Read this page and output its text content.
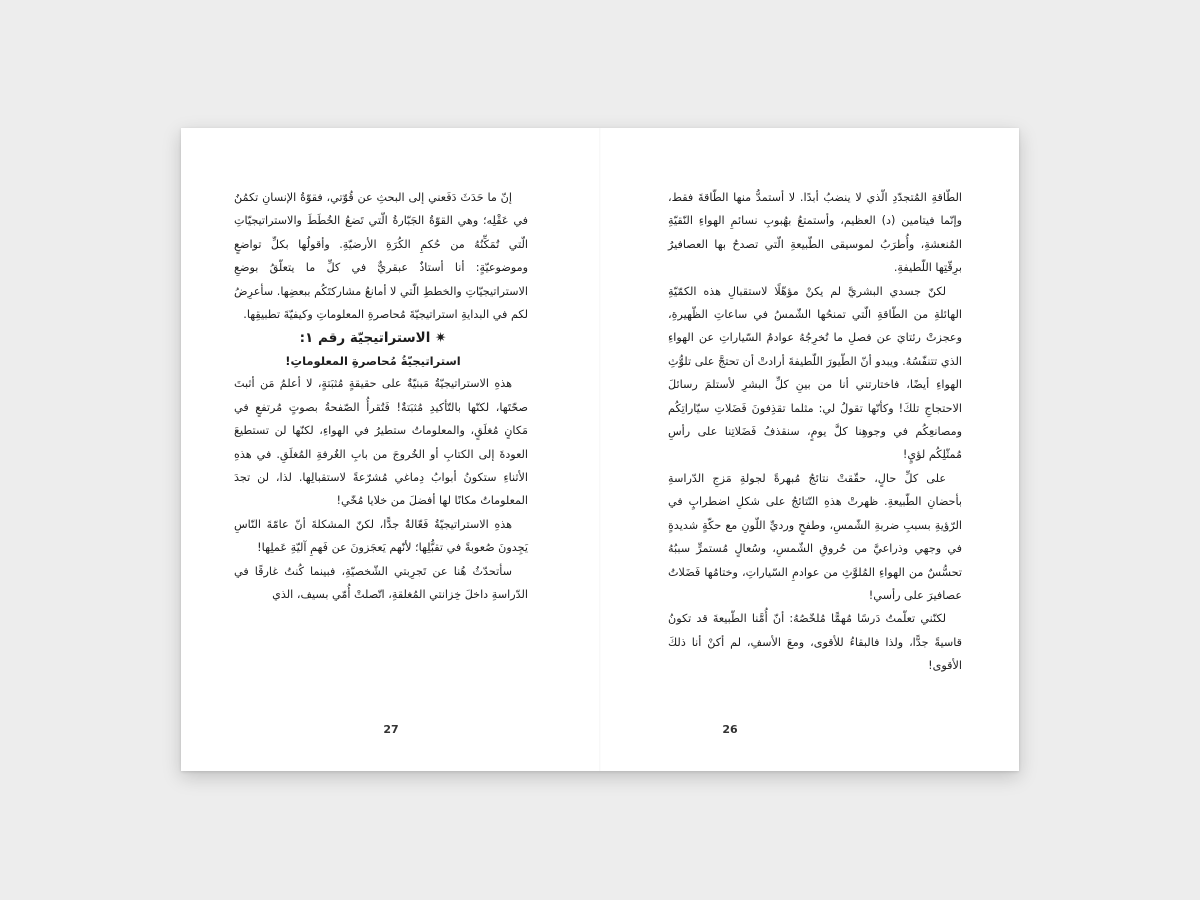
إنّ ما حَدَثَ دَفَعني إلى البحثِ عن قُوّتي، فقوّةُ الإنسانِ تكمُنُ في عَقْلِه؛ وهي القوّةُ الجَبّارةُ الّتي تَضعُ الخُطَطَ والاستراتيجيّاتِ الّتي تُمَكِّنُهُ من حُكمِ الكُرَةِ الأرضيّةِ. وأقولُها بكلِّ تواضعٍ وموضوعيّةٍ: أنا أستاذٌ عبقريٌّ في كلِّ ما يتعلّقُ بوضعِ الاستراتيجيّاتِ والخططِ الّتي لا أمانعُ مشاركتَكُم ببعضِها. سأعرِضُ لكم في البدايةِ استراتيجيّةَ مُحاصرةِ المعلوماتِ وكيفيّةَ تطبيقِها.

✷ الاستراتيجيّة رقم ١:

استراتيجيّةُ مُحاصرةِ المعلوماتِ!

هذهِ الاستراتيجيّةُ مَبنيّةٌ على حقيقةٍ مُثبَتةٍ، لا أعلمُ مَن أثبتَ صحّتَها، لكنّها بالتّأكيدِ مُثبَتةٌ! فَتُقرأُ الصّفحةُ بصوتٍ مُرتفعٍ في مَكانٍ مُغلَقٍ، والمعلوماتُ ستطيرُ في الهواءِ، لكنّها لن تستطيعَ العودةَ إلى الكتابِ أو الخُروجَ من بابِ الغُرفةِ المُغلَقِ. في هذهِ الأثناءِ ستكونُ أبوابُ دِماغي مُشرّعةً لاستقبالِها. لذا، لن تجدَ المعلوماتُ مكانًا لها أفضلَ من خلايا مُخّي!

هذهِ الاستراتيجيّةُ فَعّالةٌ جدًّا، لكنّ المشكلةَ أنّ عامّةَ النّاسِ يَجِدونَ صُعوبةً في تقبُّلِها؛ لأنّهم يَعجَزونَ عن فَهمِ آليّةِ عَملِها!

سأتحدّثُ هُنا عن تَجرِبتي الشّخصيّةِ، فبينما كُنتُ غارقًا في الدّراسةِ داخلَ خِزانتي المُغلقةِ، اتّصلتْ أُمّي بسيف، الذي

27

الطّاقةِ المُتجدّدِ الّذي لا ينضبُ أبدًا. لا أستمدُّ منها الطّاقةَ فقط، وإنّما فيتامين (د) العظيم، وأستمتعُ بهُبوبِ نسائمِ الهواءِ النّقيّةِ المُنعشةِ، وأُطرَبُ لموسيقى الطّبيعةِ الّتي تصدحُ بها العصافيرُ برِقّتِها اللّطيفةِ.

لكنّ جسدي البشريَّ لم يكنْ مؤهّلًا لاستقبالِ هذه الكمّيّةِ الهائلةِ من الطّاقةِ الّتي تمنحُها الشّمسُ في ساعاتِ الظّهيرةِ، وعجزتْ رئتايَ عن فصلِ ما تُخرِجُهُ عوادمُ السّياراتِ عن الهواءِ الذي تتنفّسُهُ. ويبدو أنّ الطّيورَ اللّطيفةَ أرادتْ أن تحتجَّ على تلوُّثِ الهواءِ أيضًا، فاختارتني أنا من بينِ كلِّ البشرِ لأستلمَ رسائلَ الاحتجاجِ تلكَ! وكأنّها تقولُ لي: مثلما تقذِفونَ فَضَلاتِ سيّاراتِكُم ومصانعِكُم في وجوهِنا كلَّ يومٍ، سنقذفُ فَضَلاتِنا على رأسِ مُمثّلِكُم لؤيٍ!

على كلِّ حالٍ، حقّقتْ نتائجُ مُبهرةً لجولةِ مَزجِ الدّراسةِ بأحضانِ الطّبيعةِ. ظهرتْ هذهِ النّتائجُ على شكلِ اضطرابٍ في الرّؤيةِ بسببِ ضربةِ الشّمسِ، وطفحٍ ورديِّ اللّونِ مع حكّةٍ شديدةٍ في وجهي وذراعيَّ من حُروقِ الشّمسِ، وسُعالٍ مُستمرٍّ سببُهُ تحسُّسٌ من الهواءِ المُلوَّثِ من عوادمِ السّياراتِ، وختامُها فَضَلاتُ عصافيرَ على رأسي!

لكنّني تعلّمتُ دَرسًا مُهمًّا مُلخّصُهُ: أنّ أُمَّنا الطّبيعةَ قد تكونُ قاسيةً جدًّا، ولذا فالبقاءُ للأقوى، ومعَ الأسفِ، لم أكنْ أنا ذلكَ الأقوى!

26
